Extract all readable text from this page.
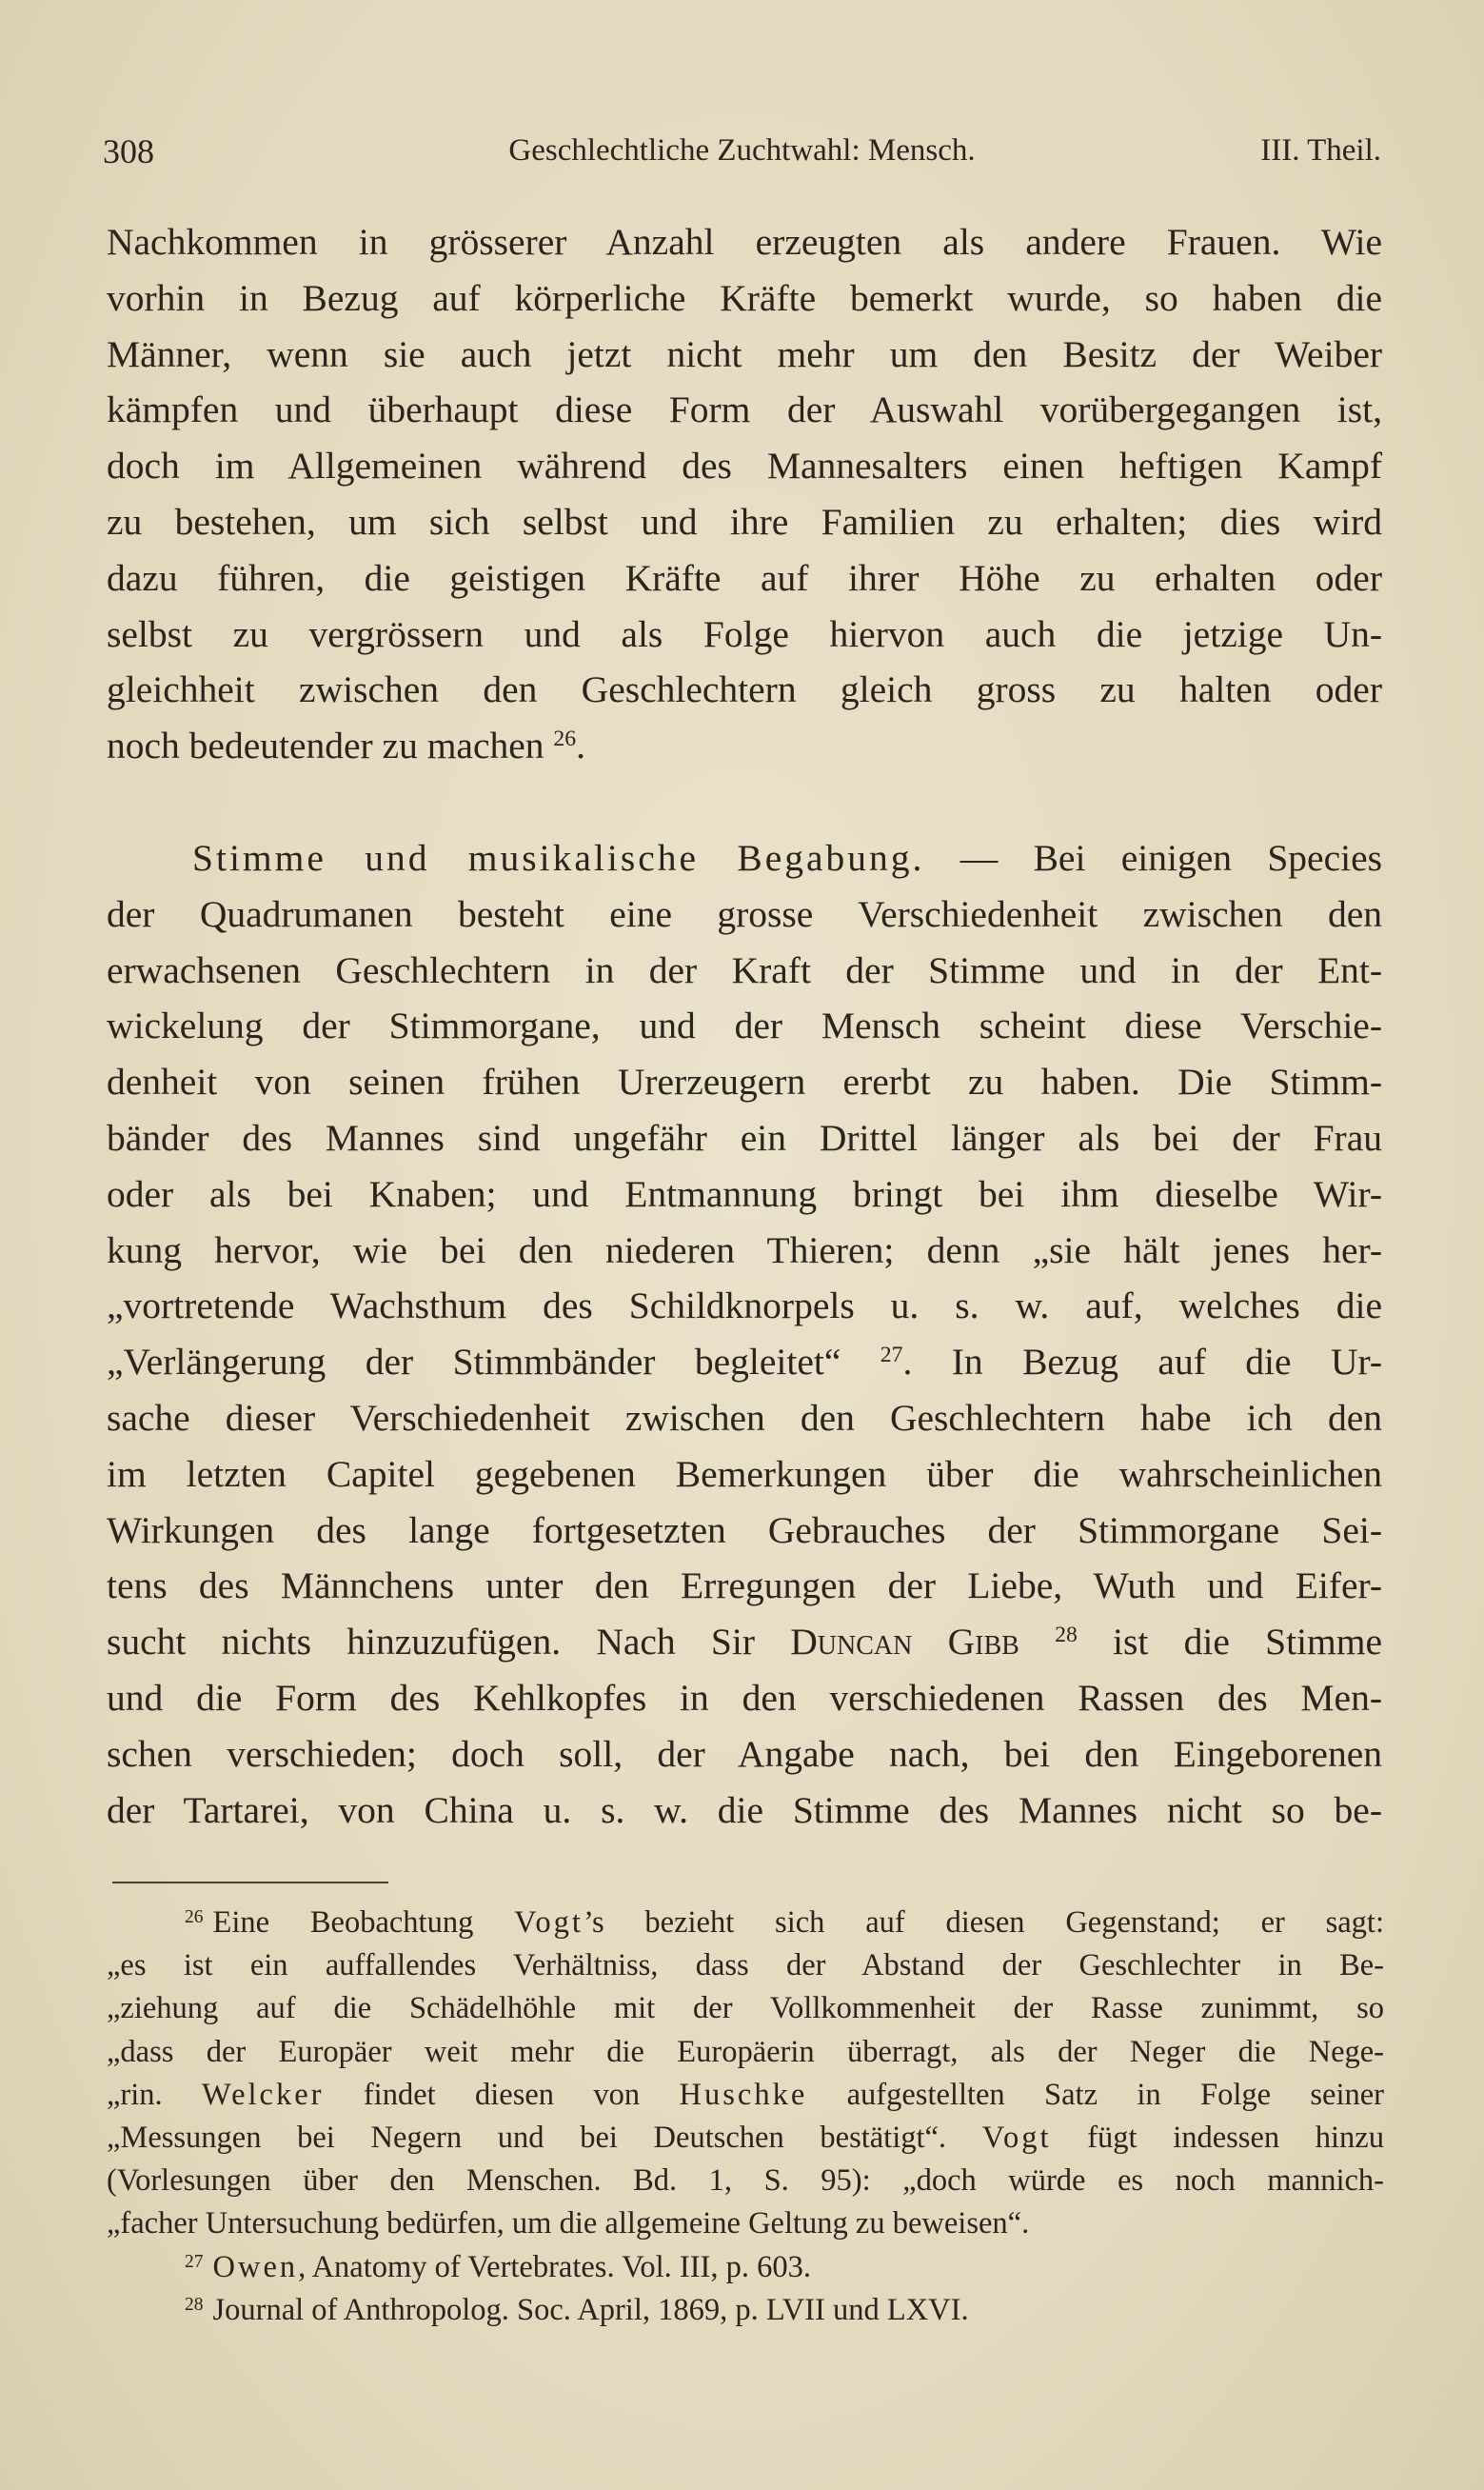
308	Geschlechtliche Zuchtwahl: Mensch.	III. Theil.
Nachkommen in grösserer Anzahl erzeugten als andere Frauen. Wie
vorhin in Bezug auf körperliche Kräfte bemerkt wurde, so haben die
Männer, wenn sie auch jetzt nicht mehr um den Besitz der Weiber
kämpfen und überhaupt diese Form der Auswahl vorübergegangen ist,
doch im Allgemeinen während des Mannesalters einen heftigen Kampf
zu bestehen, um sich selbst und ihre Familien zu erhalten; dies wird
dazu führen, die geistigen Kräfte auf ihrer Höhe zu erhalten oder
selbst zu vergrössern und als Folge hiervon auch die jetzige Un-
gleichheit zwischen den Geschlechtern gleich gross zu halten oder
noch bedeutender zu machen $^{26}$.
Stimme und musikalische Begabung. — Bei einigen Species
der Quadrumanen besteht eine grosse Verschiedenheit zwischen den
erwachsenen Geschlechtern in der Kraft der Stimme und in der Ent-
wickelung der Stimmorgane, und der Mensch scheint diese Verschie-
denheit von seinen frühen Urerzeugern ererbt zu haben. Die Stimm-
bänder des Mannes sind ungefähr ein Drittel länger als bei der Frau
oder als bei Knaben; und Entmannung bringt bei ihm dieselbe Wir-
kung hervor, wie bei den niederen Thieren; denn „sie hält jenes her-
„vortretende Wachsthum des Schildknorpels u. s. w. auf, welches die
„Verlängerung der Stimmbänder begleitet“ $^{27}$. In Bezug auf die Ur-
sache dieser Verschiedenheit zwischen den Geschlechtern habe ich den
im letzten Capitel gegebenen Bemerkungen über die wahrscheinlichen
Wirkungen des lange fortgesetzten Gebrauches der Stimmorgane Sei-
tens des Männchens unter den Erregungen der Liebe, Wuth und Eifer-
sucht nichts hinzuzufügen. Nach Sir Duncan Gibb $^{28}$ ist die Stimme
und die Form des Kehlkopfes in den verschiedenen Rassen des Men-
schen verschieden; doch soll, der Angabe nach, bei den Eingeborenen
der Tartarei, von China u. s. w. die Stimme des Mannes nicht so be-
$^{26}$ Eine Beobachtung Vogt’s bezieht sich auf diesen Gegenstand; er sagt:
„es ist ein auffallendes Verhältniss, dass der Abstand der Geschlechter in Be-
„ziehung auf die Schädelhöhle mit der Vollkommenheit der Rasse zunimmt, so
„dass der Europäer weit mehr die Europäerin überragt, als der Neger die Nege-
„rin. Welcker findet diesen von Huschke aufgestellten Satz in Folge seiner
„Messungen bei Negern und bei Deutschen bestätigt“. Vogt fügt indessen hinzu
(Vorlesungen über den Menschen. Bd. 1, S. 95): „doch würde es noch mannich-
„facher Untersuchung bedürfen, um die allgemeine Geltung zu beweisen“.
$^{27}$ Owen, Anatomy of Vertebrates. Vol. III, p. 603.
$^{28}$ Journal of Anthropolog. Soc. April, 1869, p. LVII und LXVI.
